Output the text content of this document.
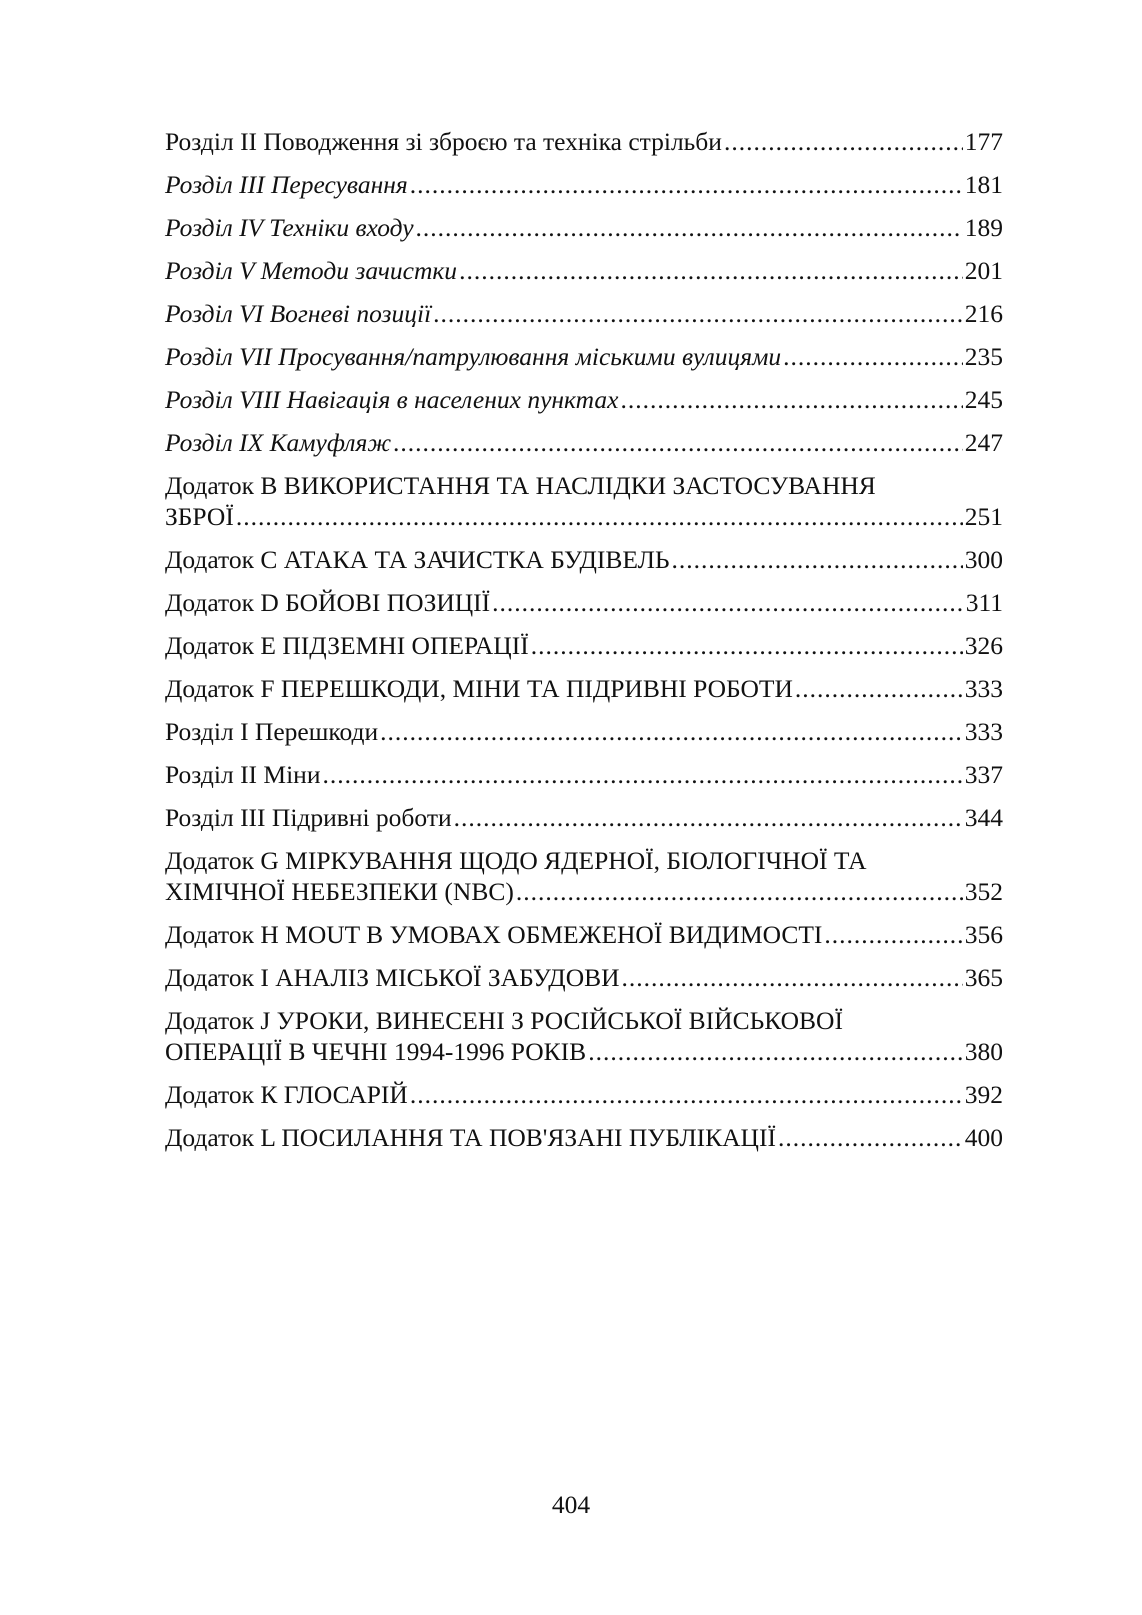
Розділ ІІ Поводження зі зброєю та техніка стрільби .....	177
Розділ ІІІ Пересування .....	181
Розділ IV Техніки входу .....	189
Розділ V Методи зачистки .....	201
Розділ VI Вогневі позиції .....	216
Розділ VII Просування/патрулювання міськими вулицями .....	235
Розділ VIII Навігація в населених пунктах .....	245
Розділ IX Камуфляж .....	247
Додаток В ВИКОРИСТАННЯ ТА НАСЛІДКИ ЗАСТОСУВАННЯ
ЗБРОЇ .....	251
Додаток С АТАКА ТА ЗАЧИСТКА БУДІВЕЛЬ .....	300
Додаток D БОЙОВІ ПОЗИЦІЇ .....	311
Додаток Е ПІДЗЕМНІ ОПЕРАЦІЇ .....	326
Додаток F ПЕРЕШКОДИ, МІНИ ТА ПІДРИВНІ РОБОТИ .....	333
Розділ І Перешкоди .....	333
Розділ ІІ Міни .....	337
Розділ ІІІ Підривні роботи .....	344
Додаток G МІРКУВАННЯ ЩОДО ЯДЕРНОЇ, БІОЛОГІЧНОЇ ТА
ХІМІЧНОЇ НЕБЕЗПЕКИ (NBC) .....	352
Додаток H MOUT В УМОВАХ ОБМЕЖЕНОЇ ВИДИМОСТІ .....	356
Додаток І АНАЛІЗ МІСЬКОЇ ЗАБУДОВИ .....	365
Додаток J УРОКИ, ВИНЕСЕНІ З РОСІЙСЬКОЇ ВІЙСЬКОВОЇ
ОПЕРАЦІЇ В ЧЕЧНІ 1994-1996 РОКІВ .....	380
Додаток К ГЛОСАРІЙ .....	392
Додаток L ПОСИЛАННЯ ТА ПОВ'ЯЗАНІ ПУБЛІКАЦІЇ .....	400
404
